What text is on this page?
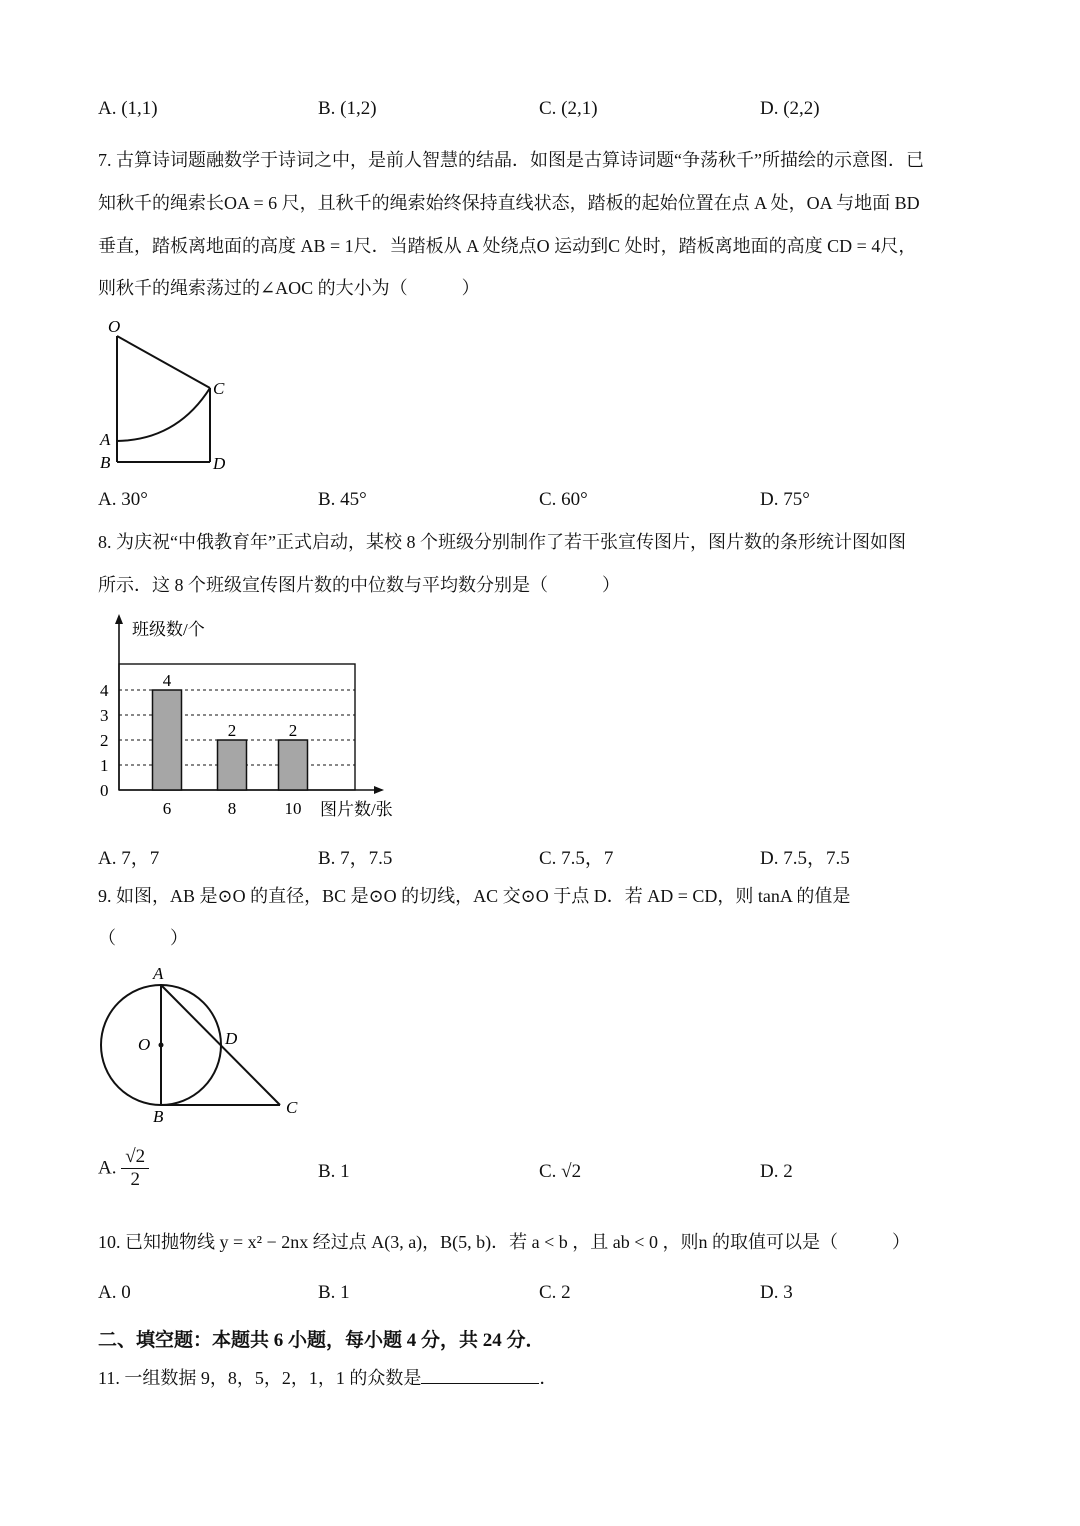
A. (1,1)	B. (1,2)	C. (2,1)	D. (2,2)
7. 古算诗词题融数学于诗词之中，是前人智慧的结晶．如图是古算诗词题“争荡秋千”所描绘的示意图．已
知秋千的绳索长OA = 6 尺，且秋千的绳索始终保持直线状态，踏板的起始位置在点 A 处，OA 与地面 BD
垂直，踏板离地面的高度 AB = 1尺．当踏板从 A 处绕点O 运动到C 处时，踏板离地面的高度 CD = 4尺，
则秋千的绳索荡过的∠AOC 的大小为（　　　）
O
A
B
C
D
A. 30°	B. 45°	C. 60°	D. 75°
8. 为庆祝“中俄教育年”正式启动，某校 8 个班级分别制作了若干张宣传图片，图片数的条形统计图如图
所示．这 8 个班级宣传图片数的中位数与平均数分别是（　　　）
4
2	2
0
1
2
3
4
6	8	10
班级数/个
图片数/张
A. 7，7	B. 7，7.5	C. 7.5，7	D. 7.5，7.5
9. 如图，AB 是⊙O 的直径，BC 是⊙O 的切线，AC 交⊙O 于点 D．若 AD = CD，则 tanA 的值是
（　　　）
A
O	D
B	C
A. $\frac{√2}{2}$	B. 1	C. √2	D. 2
10. 已知抛物线 y = x² − 2nx 经过点 A(3, a)，B(5, b)．若 a < b ，且 ab < 0 ，则n 的取值可以是（　　　）
A. 0	B. 1	C. 2	D. 3
二、填空题：本题共 6 小题，每小题 4 分，共 24 分．
11. 一组数据 9，8，5，2，1，1 的众数是	．
